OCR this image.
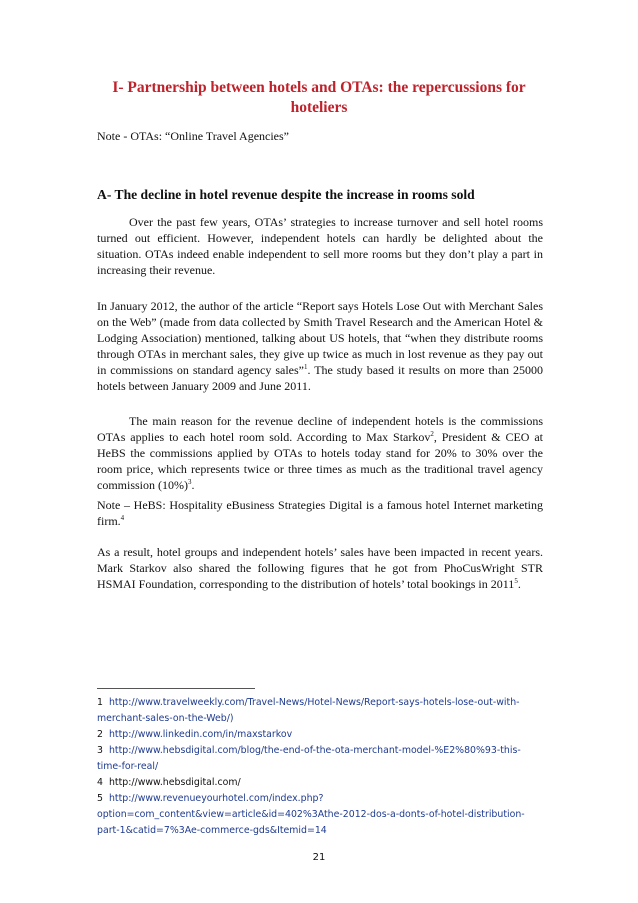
I- Partnership between hotels and OTAs: the repercussions for hoteliers

Note - OTAs: “Online Travel Agencies”

A- The decline in hotel revenue despite the increase in rooms sold

Over the past few years, OTAs’ strategies to increase turnover and sell hotel rooms turned out efficient. However, independent hotels can hardly be delighted about the situation. OTAs indeed enable independent to sell more rooms but they don’t play a part in increasing their revenue.

In January 2012, the author of the article “Report says Hotels Lose Out with Merchant Sales on the Web” (made from data collected by Smith Travel Research and the American Hotel & Lodging Association) mentioned, talking about US hotels, that “when they distribute rooms through OTAs in merchant sales, they give up twice as much in lost revenue as they pay out in commissions on standard agency sales”$^1$. The study based it results on more than 25000 hotels between January 2009 and June 2011.

The main reason for the revenue decline of independent hotels is the commissions OTAs applies to each hotel room sold. According to Max Starkov$^2$, President & CEO at HeBS the commissions applied by OTAs to hotels today stand for 20% to 30% over the room price, which represents twice or three times as much as the traditional travel agency commission $(10\%)^3$.

Note – HeBS: Hospitality eBusiness Strategies Digital is a famous hotel Internet marketing firm.$^4$

As a result, hotel groups and independent hotels’ sales have been impacted in recent years. Mark Starkov also shared the following figures that he got from PhoCusWright STR HSMAI Foundation, corresponding to the distribution of hotels’ total bookings in 2011$^5$.

1 http://www.travelweekly.com/Travel-News/Hotel-News/Report-says-hotels-lose-out-with-merchant-sales-on-the-Web/)
2 http://www.linkedin.com/in/maxstarkov
3 http://www.hebsdigital.com/blog/the-end-of-the-ota-merchant-model-%E2%80%93-this-time-for-real/
4 http://www.hebsdigital.com/
5 http://www.revenueyourhotel.com/index.php?option=com_content&view=article&id=402%3Athe-2012-dos-a-donts-of-hotel-distribution-part-1&catid=7%3Ae-commerce-gds&Itemid=14
21
